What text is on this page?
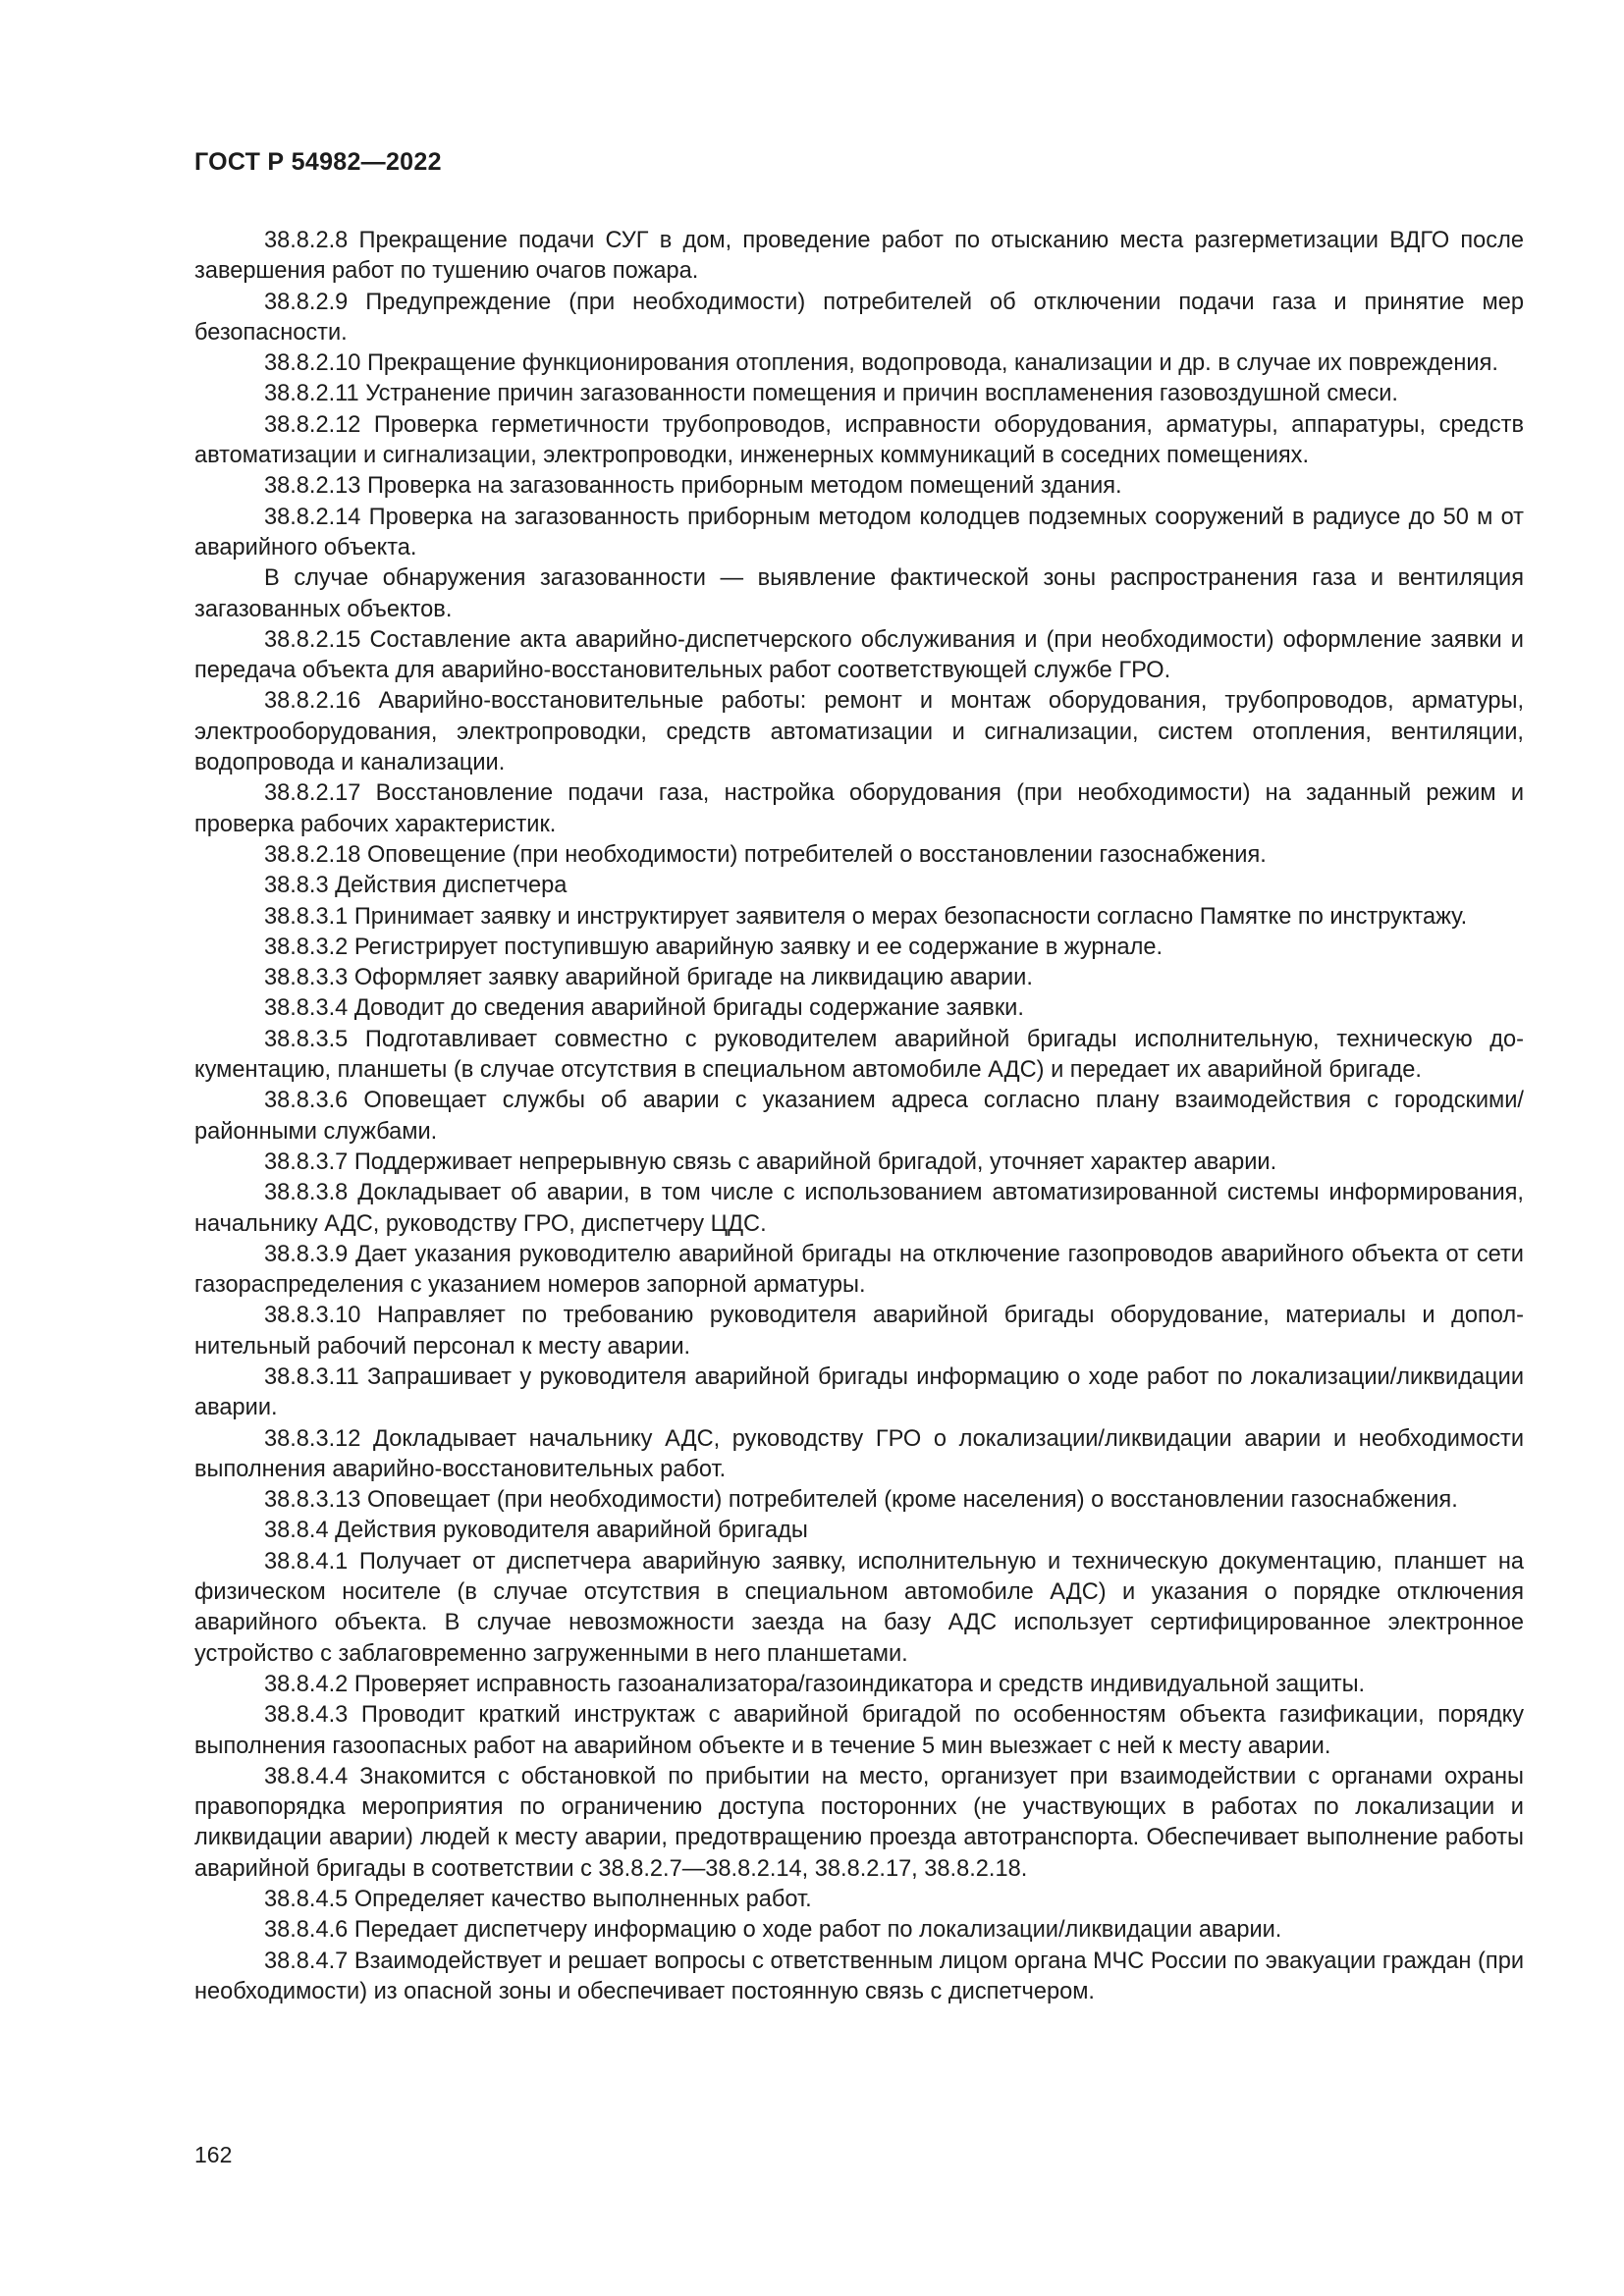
ГОСТ Р 54982—2022

38.8.2.8 Прекращение подачи СУГ в дом, проведение работ по отысканию места разгерметизации ВДГО после завершения работ по тушению очагов пожара.

38.8.2.9 Предупреждение (при необходимости) потребителей об отключении подачи газа и принятие мер безопасности.

38.8.2.10 Прекращение функционирования отопления, водопровода, канализации и др. в случае их повреждения.

38.8.2.11 Устранение причин загазованности помещения и причин воспламенения газовоздушной смеси.

38.8.2.12 Проверка герметичности трубопроводов, исправности оборудования, арматуры, аппаратуры, средств автоматизации и сигнализации, электропроводки, инженерных коммуникаций в соседних помещениях.

38.8.2.13 Проверка на загазованность приборным методом помещений здания.

38.8.2.14 Проверка на загазованность приборным методом колодцев подземных сооружений в радиусе до 50 м от аварийного объекта.

В случае обнаружения загазованности — выявление фактической зоны распространения газа и вентиляция загазованных объектов.

38.8.2.15 Составление акта аварийно-диспетчерского обслуживания и (при необходимости) оформление заявки и передача объекта для аварийно-восстановительных работ соответствующей службе ГРО.

38.8.2.16 Аварийно-восстановительные работы: ремонт и монтаж оборудования, трубопроводов, арматуры, электрооборудования, электропроводки, средств автоматизации и сигнализации, систем отопления, вентиляции, водопровода и канализации.

38.8.2.17 Восстановление подачи газа, настройка оборудования (при необходимости) на заданный режим и проверка рабочих характеристик.

38.8.2.18 Оповещение (при необходимости) потребителей о восстановлении газоснабжения.

38.8.3 Действия диспетчера

38.8.3.1 Принимает заявку и инструктирует заявителя о мерах безопасности согласно Памятке по инструктажу.

38.8.3.2 Регистрирует поступившую аварийную заявку и ее содержание в журнале.

38.8.3.3 Оформляет заявку аварийной бригаде на ликвидацию аварии.

38.8.3.4 Доводит до сведения аварийной бригады содержание заявки.

38.8.3.5 Подготавливает совместно с руководителем аварийной бригады исполнительную, техническую документацию, планшеты (в случае отсутствия в специальном автомобиле АДС) и передает их аварийной бригаде.

38.8.3.6 Оповещает службы об аварии с указанием адреса согласно плану взаимодействия с городскими/​районными службами.

38.8.3.7 Поддерживает непрерывную связь с аварийной бригадой, уточняет характер аварии.

38.8.3.8 Докладывает об аварии, в том числе с использованием автоматизированной системы информирования, начальнику АДС, руководству ГРО, диспетчеру ЦДС.

38.8.3.9 Дает указания руководителю аварийной бригады на отключение газопроводов аварийного объекта от сети газораспределения с указанием номеров запорной арматуры.

38.8.3.10 Направляет по требованию руководителя аварийной бригады оборудование, материалы и дополнительный рабочий персонал к месту аварии.

38.8.3.11 Запрашивает у руководителя аварийной бригады информацию о ходе работ по локализации/​ликвидации аварии.

38.8.3.12 Докладывает начальнику АДС, руководству ГРО о локализации/​ликвидации аварии и необходимости выполнения аварийно-восстановительных работ.

38.8.3.13 Оповещает (при необходимости) потребителей (кроме населения) о восстановлении газоснабжения.

38.8.4 Действия руководителя аварийной бригады

38.8.4.1 Получает от диспетчера аварийную заявку, исполнительную и техническую документацию, планшет на физическом носителе (в случае отсутствия в специальном автомобиле АДС) и указания о порядке отключения аварийного объекта. В случае невозможности заезда на базу АДС использует сертифицированное электронное устройство с заблаговременно загруженными в него планшетами.

38.8.4.2 Проверяет исправность газоанализатора/​газоиндикатора и средств индивидуальной защиты.

38.8.4.3 Проводит краткий инструктаж с аварийной бригадой по особенностям объекта газификации, порядку выполнения газоопасных работ на аварийном объекте и в течение 5 мин выезжает с ней к месту аварии.

38.8.4.4 Знакомится с обстановкой по прибытии на место, организует при взаимодействии с органами охраны правопорядка мероприятия по ограничению доступа посторонних (не участвующих в работах по локализации и ликвидации аварии) людей к месту аварии, предотвращению проезда автотранспорта. Обеспечивает выполнение работы аварийной бригады в соответствии с 38.8.2.7—38.8.2.14, 38.8.2.17, 38.8.2.18.

38.8.4.5 Определяет качество выполненных работ.

38.8.4.6 Передает диспетчеру информацию о ходе работ по локализации/​ликвидации аварии.

38.8.4.7 Взаимодействует и решает вопросы с ответственным лицом органа МЧС России по эвакуации граждан (при необходимости) из опасной зоны и обеспечивает постоянную связь с диспетчером.

162
